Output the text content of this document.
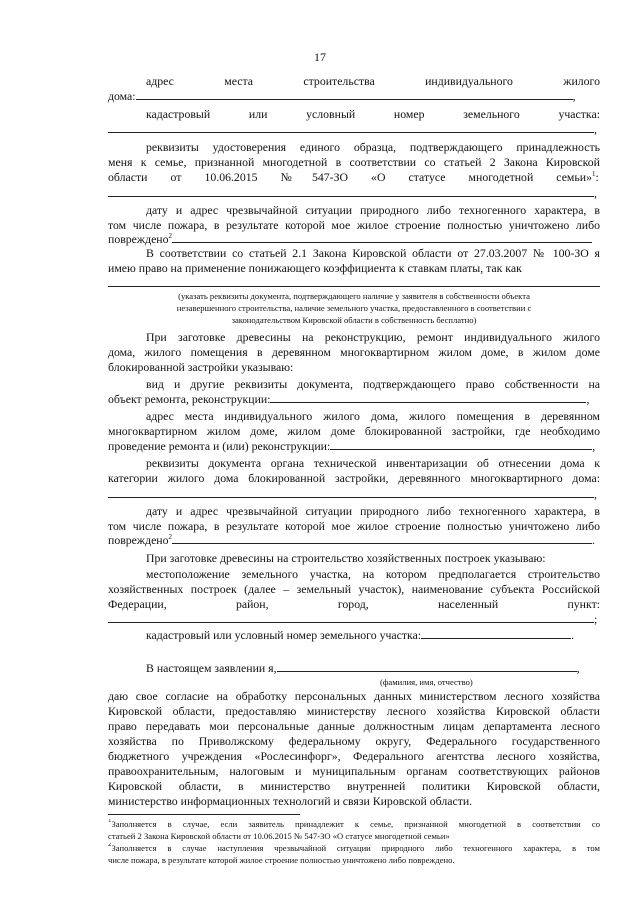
17
адрес места строительства индивидуального жилого
дома:	,
кадастровый или условный номер земельного участка:
,
реквизиты удостоверения единого образца, подтверждающего принадлежность
меня к семье, признанной многодетной в соответствии со статьей 2 Закона Кировской
области от 10.06.2015 №547-ЗО «О статусе многодетной семьи»$^1$:
,
дату и адрес чрезвычайной ситуации природного либо техногенного характера, в
том числе пожара, в результате которой мое жилое строение полностью уничтожено либо
повреждено$^2$
В соответствии со статьей 2.1 Закона Кировской области от 27.03.2007 № 100-ЗО я
имею право на применение понижающего коэффициента к ставкам платы, так как
(указать реквизиты документа, подтверждающего наличие у заявителя в собственности объекта
незавершенного строительства, наличие земельного участка, предоставленного в соответствии с
законодательством Кировской области в собственность бесплатно)
При заготовке древесины на реконструкцию, ремонт индивидуального жилого
дома, жилого помещения в деревянном многоквартирном жилом доме, в жилом доме
блокированной застройки указываю:
вид и другие реквизиты документа, подтверждающего право собственности на
объект ремонта, реконструкции:	,
адрес места индивидуального жилого дома, жилого помещения в деревянном
многоквартирном жилом доме, жилом доме блокированной застройки, где необходимо
проведение ремонта и (или) реконструкции:	,
реквизиты документа органа технической инвентаризации об отнесении дома к
категории жилого дома блокированной застройки, деревянного многоквартирного дома:
,
дату и адрес чрезвычайной ситуации природного либо техногенного характера, в
том числе пожара, в результате которой мое жилое строение полностью уничтожено либо
повреждено$^2$	.
При заготовке древесины на строительство хозяйственных построек указываю:
местоположение земельного участка, на котором предполагается строительство
хозяйственных построек (далее – земельный участок), наименование субъекта Российской
Федерации, район, город, населенный пункт:
;
кадастровый или условный номер земельного участка:	.
В настоящем заявлении я,	,
(фамилия, имя, отчество)
даю свое согласие на обработку персональных данных министерством лесного хозяйства
Кировской области, предоставляю министерству лесного хозяйства Кировской области
право передавать мои персональные данные должностным лицам департамента лесного
хозяйства по Приволжскому федеральному округу, Федерального государственного
бюджетного учреждения «Рослесинфорг», Федерального агентства лесного хозяйства,
правоохранительным, налоговым и муниципальным органам соответствующих районов
Кировской области, в министерство внутренней политики Кировской области,
министерство информационных технологий и связи Кировской области.
$^1$Заполняется в случае, если заявитель принадлежит к семье, признанной многодетной в соответствии со
статьей 2 Закона Кировской области от 10.06.2015 № 547-ЗО «О статусе многодетной семьи»
$^2$Заполняется в случае наступления чрезвычайной ситуации природного либо техногенного характера, в том
числе пожара, в результате которой жилое строение полностью уничтожено либо повреждено.
